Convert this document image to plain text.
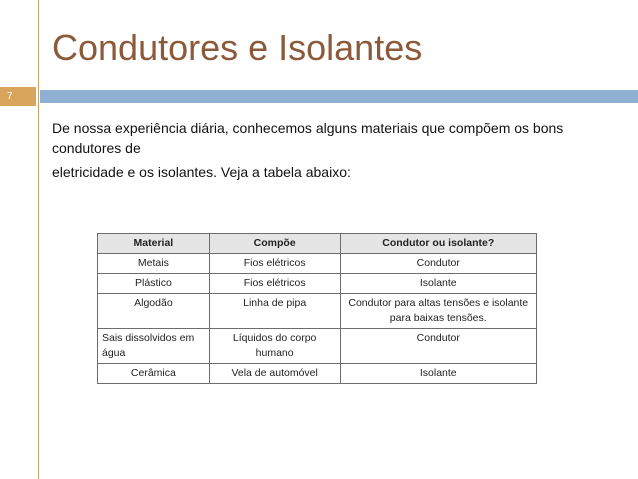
Condutores e Isolantes
7
De nossa experiência diária, conhecemos alguns materiais que compõem os bons condutores de
eletricidade e os isolantes. Veja a tabela abaixo:
Material	Compõe	Condutor ou isolante?
Metais	Fios elétricos	Condutor
Plástico	Fios elétricos	Isolante
Algodão	Linha de pipa	Condutor para altas tensões e isolante para baixas tensões.
Sais dissolvidos em água	Líquidos do corpo humano	Condutor
Cerâmica	Vela de automóvel	Isolante
